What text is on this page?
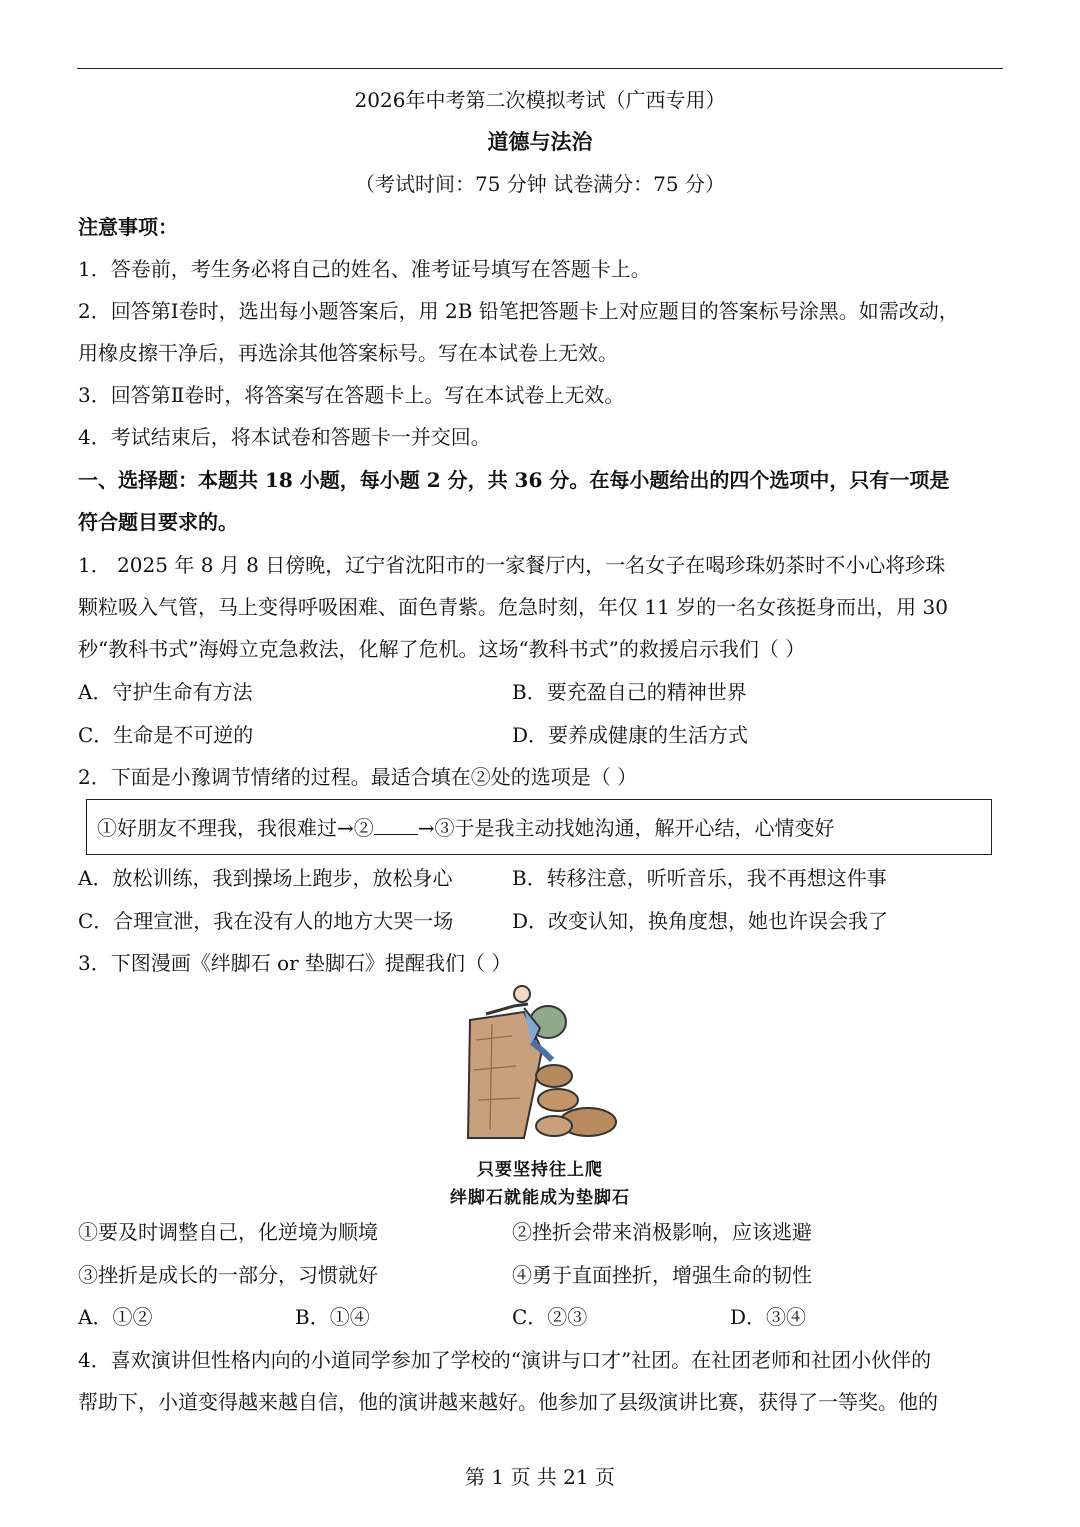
2026年中考第二次模拟考试（广西专用）
道德与法治
（考试时间：75 分钟 试卷满分：75 分）
注意事项：
1．答卷前，考生务必将自己的姓名、准考证号填写在答题卡上。
2．回答第Ⅰ卷时，选出每小题答案后，用 2B 铅笔把答题卡上对应题目的答案标号涂黑。如需改动，
用橡皮擦干净后，再选涂其他答案标号。写在本试卷上无效。
3．回答第Ⅱ卷时，将答案写在答题卡上。写在本试卷上无效。
4．考试结束后，将本试卷和答题卡一并交回。
一、选择题：本题共 18 小题，每小题 2 分，共 36 分。在每小题给出的四个选项中，只有一项是
符合题目要求的。
1． 2025 年 8 月 8 日傍晚，辽宁省沈阳市的一家餐厅内，一名女子在喝珍珠奶茶时不小心将珍珠
颗粒吸入气管，马上变得呼吸困难、面色青紫。危急时刻，年仅 11 岁的一名女孩挺身而出，用 30
秒“教科书式”海姆立克急救法，化解了危机。这场“教科书式”的救援启示我们（ ）
A．守护生命有方法	B．要充盈自己的精神世界
C．生命是不可逆的	D．要养成健康的生活方式
2．下面是小豫调节情绪的过程。最适合填在②处的选项是（ ）
①好朋友不理我，我很难过→② →③于是我主动找她沟通，解开心结，心情变好
A．放松训练，我到操场上跑步，放松身心	B．转移注意，听听音乐，我不再想这件事
C．合理宣泄，我在没有人的地方大哭一场	D．改变认知，换角度想，她也许误会我了
3．下图漫画《绊脚石 or 垫脚石》提醒我们（ ）
只要坚持往上爬
绊脚石就能成为垫脚石
①要及时调整自己，化逆境为顺境	②挫折会带来消极影响，应该逃避
③挫折是成长的一部分，习惯就好	④勇于直面挫折，增强生命的韧性
A．①②	B．①④	C．②③	D．③④
4．喜欢演讲但性格内向的小道同学参加了学校的“演讲与口才”社团。在社团老师和社团小伙伴的
帮助下，小道变得越来越自信，他的演讲越来越好。他参加了县级演讲比赛，获得了一等奖。他的
第 1 页 共 21 页
